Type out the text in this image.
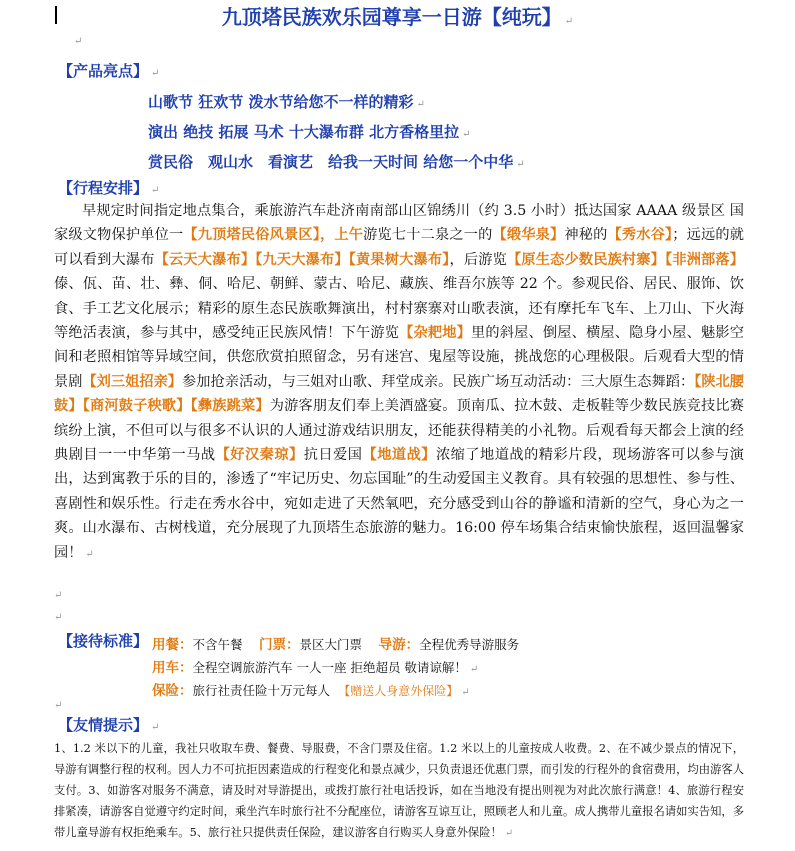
九顶塔民族欢乐园尊享一日游【纯玩】 ↵
↵
【产品亮点】 ↵
山歌节 狂欢节 泼水节给您不一样的精彩 ↵
演出 绝技 拓展 马术 十大瀑布群 北方香格里拉 ↵
赏民俗　观山水　看演艺　给我一天时间 给您一个中华 ↵
【行程安排】 ↵
早规定时间指定地点集合，乘旅游汽车赴济南南部山区锦绣川（约 3.5 小时）抵达国家 AAAA 级景区 国家级文物保护单位一【九顶塔民俗风景区】，上午游览七十二泉之一的【缎华泉】神秘的【秀水谷】；远远的就可以看到大瀑布【云天大瀑布】【九天大瀑布】【黄果树大瀑布】，后游览【原生态少数民族村寨】【非洲部落】傣、佤、苗、壮、彝、侗、哈尼、朝鲜、蒙古、哈尼、藏族、维吾尔族等 22 个。参观民俗、居民、服饰、饮食、手工艺文化展示；精彩的原生态民族歌舞演出，村村寨寨对山歌表演，还有摩托车飞车、上刀山、下火海等绝活表演，参与其中，感受纯正民族风情！下午游览【杂耙地】里的斜屋、倒屋、横屋、隐身小屋、魅影空间和老照相馆等异域空间，供您欣赏拍照留念，另有迷宫、鬼屋等设施，挑战您的心理极限。后观看大型的情景剧【刘三姐招亲】参加抢亲活动，与三姐对山歌、拜堂成亲。民族广场互动活动：三大原生态舞蹈：【陕北腰鼓】【商河鼓子秧歌】【彝族跳菜】为游客朋友们奉上美酒盛宴。顶南瓜、拉木鼓、走板鞋等少数民族竞技比赛缤纷上演，不但可以与很多不认识的人通过游戏结识朋友，还能获得精美的小礼物。后观看每天都会上演的经典剧目一一中华第一马战【好汉秦琼】抗日爱国【地道战】浓缩了地道战的精彩片段，现场游客可以参与演出，达到寓教于乐的目的，渗透了“牢记历史、勿忘国耻”的生动爱国主义教育。具有较强的思想性、参与性、喜剧性和娱乐性。行走在秀水谷中，宛如走进了天然氧吧，充分感受到山谷的静谧和清新的空气，身心为之一爽。山水瀑布、古树栈道，充分展现了九顶塔生态旅游的魅力。16:00 停车场集合结束愉快旅程，返回温馨家园！ ↵
↵
↵
【接待标准】 用餐：不含午餐 门票：景区大门票 导游：全程优秀导游服务
用车：全程空调旅游汽车 一人一座 拒绝超员 敬请谅解！ ↵
保险：旅行社责任险十万元每人 【赠送人身意外保险】 ↵
↵
【友情提示】 ↵
1、1.2 米以下的儿童，我社只收取车费、餐费、导服费，不含门票及住宿。1.2 米以上的儿童按成人收费。2、在不减少景点的情况下，导游有调整行程的权利。因人力不可抗拒因素造成的行程变化和景点减少，只负责退还优惠门票，而引发的行程外的食宿费用，均由游客人支付。3、如游客对服务不满意，请及时对导游提出，或拨打旅行社电话投诉，如在当地没有提出则视为对此次旅行满意！4、旅游行程安排紧凑，请游客自觉遵守约定时间，乘坐汽车时旅行社不分配座位，请游客互谅互让，照顾老人和儿童。成人携带儿童报名请如实告知，多带儿童导游有权拒绝乘车。5、旅行社只提供责任保险，建议游客自行购买人身意外保险！ ↵
